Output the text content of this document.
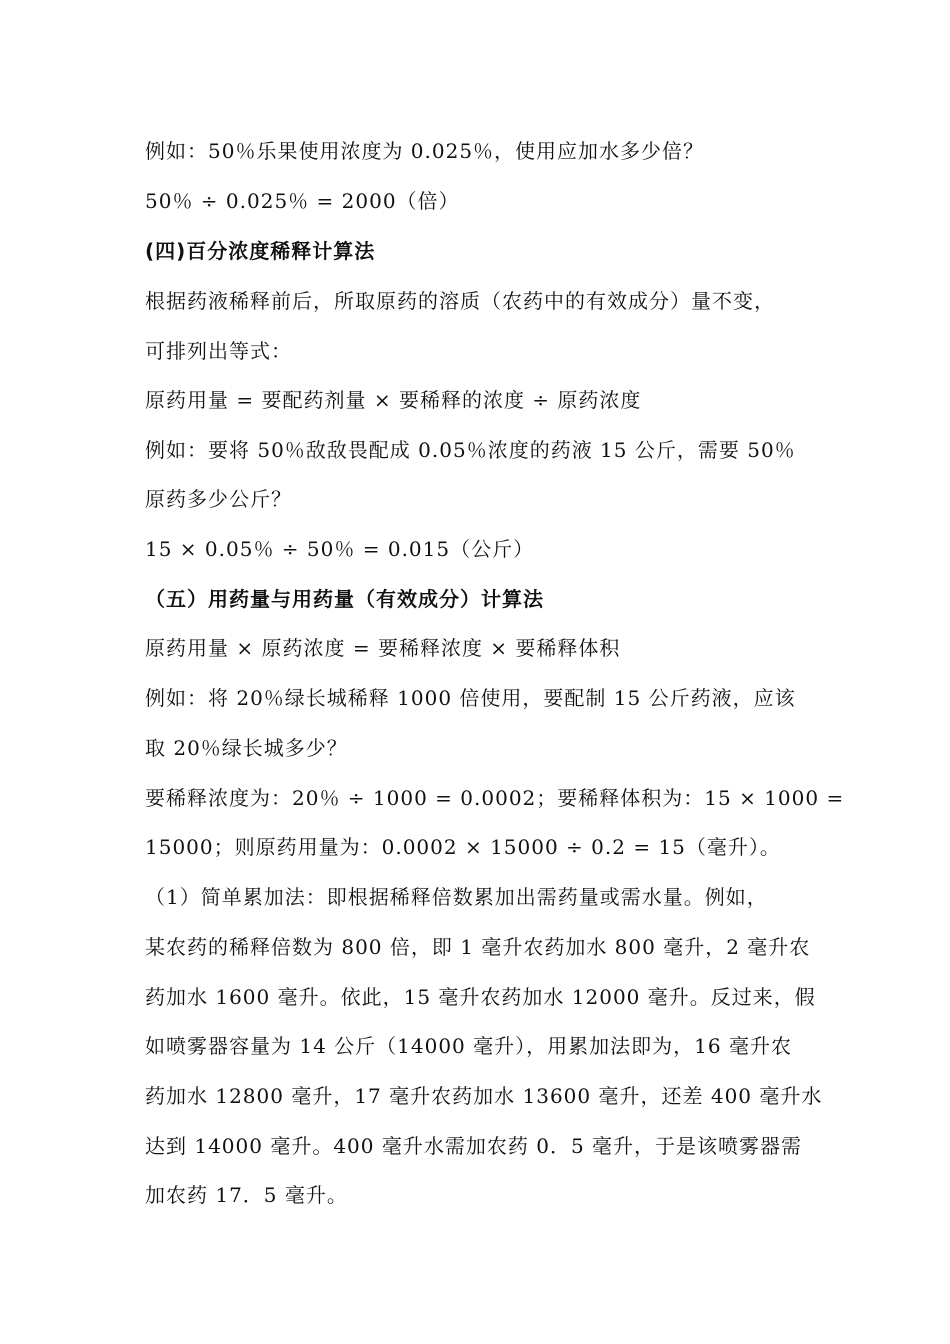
例如：50％乐果使用浓度为 0.025％，使用应加水多少倍？

50％ ÷ 0.025％ = 2000（倍）

(四)百分浓度稀释计算法

根据药液稀释前后，所取原药的溶质（农药中的有效成分）量不变，

可排列出等式：

原药用量 = 要配药剂量 × 要稀释的浓度 ÷ 原药浓度

例如：要将 50％敌敌畏配成 0.05％浓度的药液 15 公斤，需要 50％

原药多少公斤？

15 × 0.05％ ÷ 50％ = 0.015（公斤）

（五）用药量与用药量（有效成分）计算法

原药用量 × 原药浓度 = 要稀释浓度 × 要稀释体积

例如：将 20％绿长城稀释 1000 倍使用，要配制 15 公斤药液，应该

取 20％绿长城多少？

要稀释浓度为：20％ ÷ 1000 = 0.0002；要稀释体积为：15 × 1000 =

15000；则原药用量为：0.0002 × 15000 ÷ 0.2 = 15（毫升）。

（1）简单累加法：即根据稀释倍数累加出需药量或需水量。例如，

某农药的稀释倍数为 800 倍，即 1 毫升农药加水 800 毫升，2 毫升农

药加水 1600 毫升。依此，15 毫升农药加水 12000 毫升。反过来，假

如喷雾器容量为 14 公斤（14000 毫升），用累加法即为，16 毫升农

药加水 12800 毫升，17 毫升农药加水 13600 毫升，还差 400 毫升水

达到 14000 毫升。400 毫升水需加农药 0．5 毫升，于是该喷雾器需

加农药 17．5 毫升。
